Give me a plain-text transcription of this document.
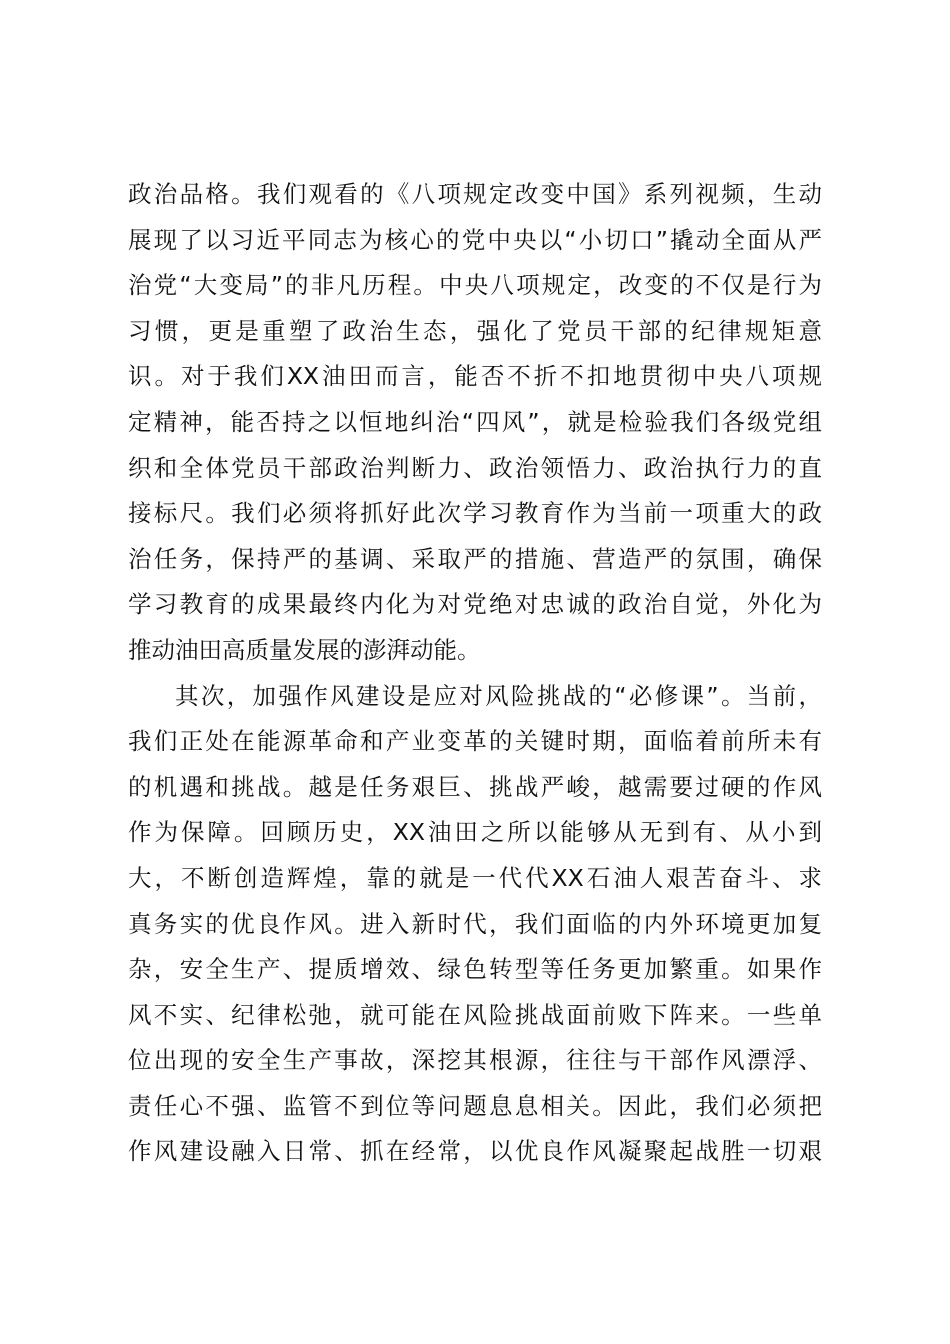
政治品格。我们观看的《八项规定改变中国》系列视频，生动
展现了以习近平同志为核心的党中央以“小切口”撬动全面从严
治党“大变局”的非凡历程。中央八项规定，改变的不仅是行为
习惯，更是重塑了政治生态，强化了党员干部的纪律规矩意
识。对于我们XX油田而言，能否不折不扣地贯彻中央八项规
定精神，能否持之以恒地纠治“四风”，就是检验我们各级党组
织和全体党员干部政治判断力、政治领悟力、政治执行力的直
接标尺。我们必须将抓好此次学习教育作为当前一项重大的政
治任务，保持严的基调、采取严的措施、营造严的氛围，确保
学习教育的成果最终内化为对党绝对忠诚的政治自觉，外化为
推动油田高质量发展的澎湃动能。
其次，加强作风建设是应对风险挑战的“必修课”。当前，
我们正处在能源革命和产业变革的关键时期，面临着前所未有
的机遇和挑战。越是任务艰巨、挑战严峻，越需要过硬的作风
作为保障。回顾历史，XX油田之所以能够从无到有、从小到
大，不断创造辉煌，靠的就是一代代XX石油人艰苦奋斗、求
真务实的优良作风。进入新时代，我们面临的内外环境更加复
杂，安全生产、提质增效、绿色转型等任务更加繁重。如果作
风不实、纪律松弛，就可能在风险挑战面前败下阵来。一些单
位出现的安全生产事故，深挖其根源，往往与干部作风漂浮、
责任心不强、监管不到位等问题息息相关。因此，我们必须把
作风建设融入日常、抓在经常，以优良作风凝聚起战胜一切艰
